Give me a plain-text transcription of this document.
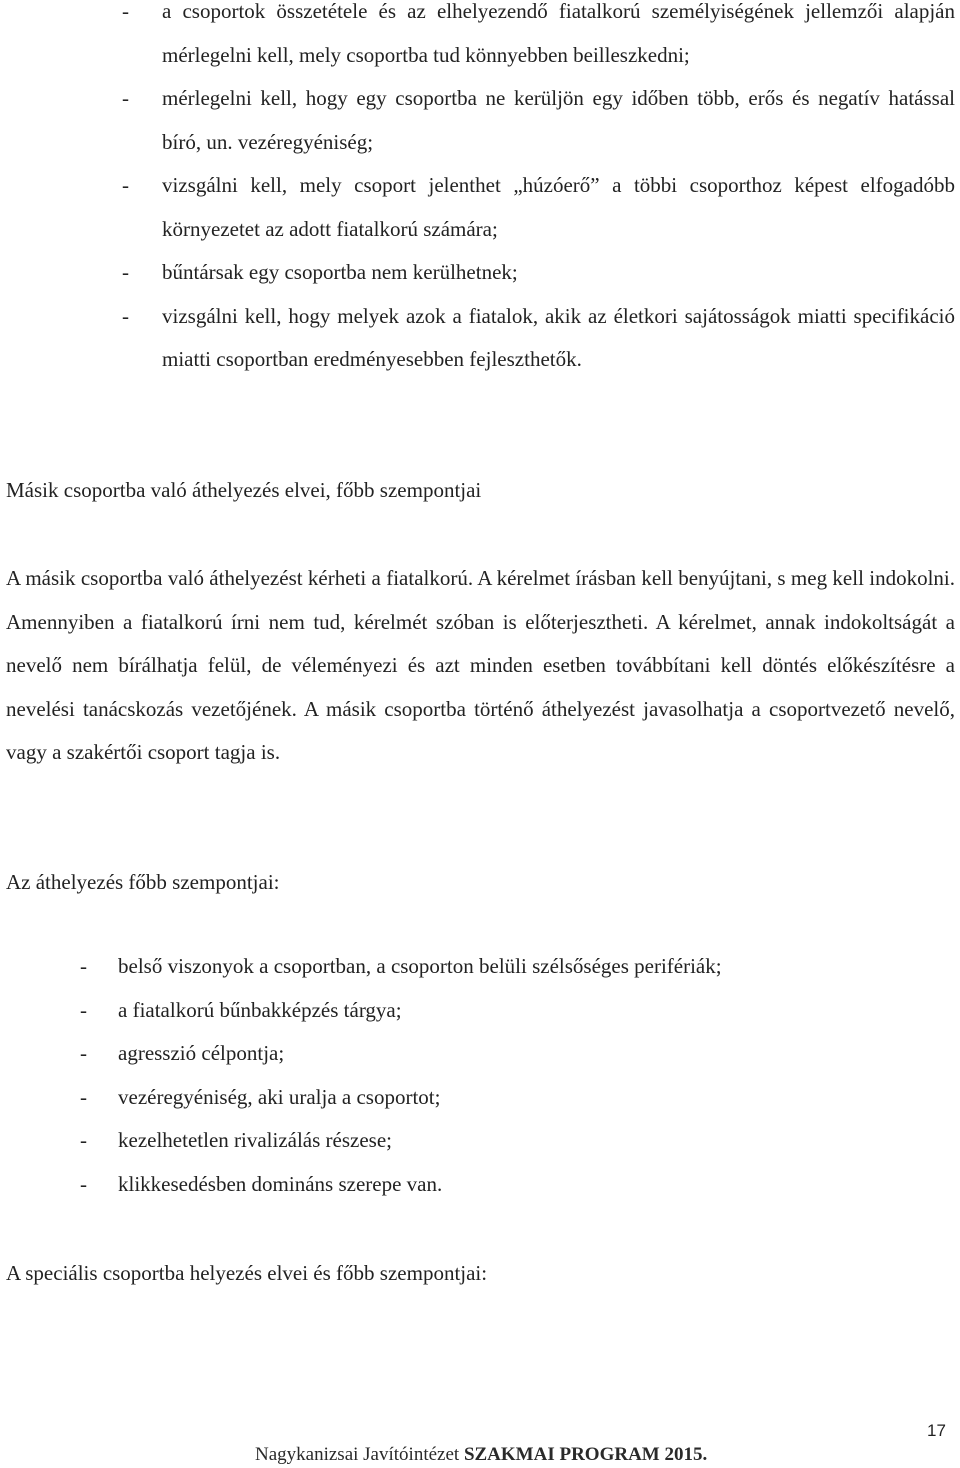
- a csoportok összetétele és az elhelyezendő fiatalkorú személyiségének jellemzői alapján mérlegelni kell, mely csoportba tud könnyebben beilleszkedni;
- mérlegelni kell, hogy egy csoportba ne kerüljön egy időben több, erős és negatív hatással bíró, un. vezéregyéniség;
- vizsgálni kell, mely csoport jelenthet „húzóerő” a többi csoporthoz képest elfogadóbb környezetet az adott fiatalkorú számára;
- bűntársak egy csoportba nem kerülhetnek;
- vizsgálni kell, hogy melyek azok a fiatalok, akik az életkori sajátosságok miatti specifikáció miatti csoportban eredményesebben fejleszthetők.
Másik csoportba való áthelyezés elvei, főbb szempontjai
A másik csoportba való áthelyezést kérheti a fiatalkorú. A kérelmet írásban kell benyújtani, s meg kell indokolni. Amennyiben a fiatalkorú írni nem tud, kérelmét szóban is előterjesztheti. A kérelmet, annak indokoltságát a nevelő nem bírálhatja felül, de véleményezi és azt minden esetben továbbítani kell döntés előkészítésre a nevelési tanácskozás vezetőjének. A másik csoportba történő áthelyezést javasolhatja a csoportvezető nevelő, vagy a szakértői csoport tagja is.
Az áthelyezés főbb szempontjai:
- belső viszonyok a csoportban, a csoporton belüli szélsőséges perifériák;
- a fiatalkorú bűnbakképzés tárgya;
- agresszió célpontja;
- vezéregyéniség, aki uralja a csoportot;
- kezelhetetlen rivalizálás részese;
- klikkesedésben domináns szerepe van.
A speciális csoportba helyezés elvei és főbb szempontjai:
17
Nagykanizsai Javítóintézet SZAKMAI PROGRAM 2015.
